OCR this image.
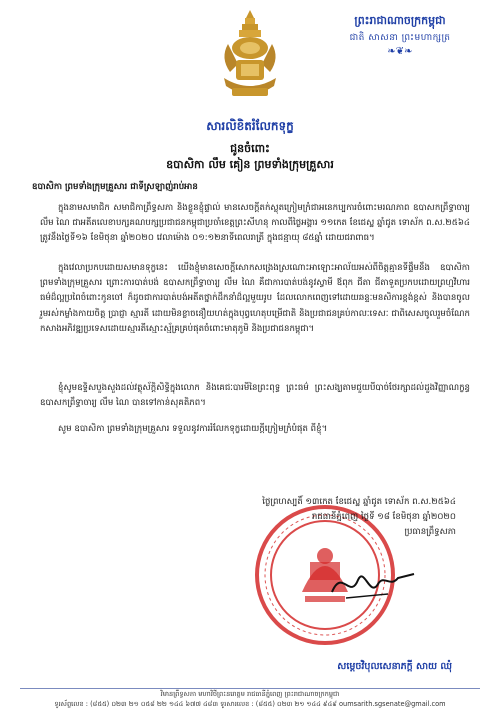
ព្រះរាជាណាចក្រកម្ពុជា
ជាតិ សាសនា ព្រះមហាក្សត្រ
❧❦❧
សារលិខិតរំលែកទុក្ខ
ជូនចំពោះ
ឧបាសិកា លឹម គៀន ព្រមទាំងក្រុមគ្រួសារ
ឧបាសិកា ព្រមទាំងក្រុមគ្រួសារ ជាទីស្រឡាញ់រាប់អាន
ក្នុងនាមសមាជិក សមាជិកាព្រឹទ្ធសភា និងខ្លួនខ្ញុំផ្ទាល់ មានសេចក្តីតក់ស្លុតក្រៀមក្រំជាអនេកប្បការចំពោះមរណភាព ឧបាសកព្រឹទ្ធាចារ្យ លឹម ណៃ ជាអតីតលេខាបក្សគណបក្សប្រជាជនកម្ពុជាប្រចាំខេត្តព្រះសីហនុ កាលពីថ្ងៃអង្គារ ១១កេត ខែជេស្ឋ ឆ្នាំជូត ទោស័ក ព.ស.២៥៦៤ ត្រូវនឹងថ្ងៃទី១៦ ខែមិថុនា ឆ្នាំ២០២០ វេលាម៉ោង ០១:១២នាទីពេលរាត្រី ក្នុងជន្មាយុ ៨៥ឆ្នាំ ដោយជរាពាធ។
ក្នុងវេលាប្រកបដោយសមានទុក្ខនេះ យើងខ្ញុំមានសេចក្តីសោកសង្រេងស្រណោះអាឡោះអាល័យអស់ពីចិត្តគ្មានទីផ្ទឹមនឹង ឧបាសិកា ព្រមទាំងក្រុមគ្រួសារ ព្រោះការបាត់បង់ ឧបាសកព្រឹទ្ធាចារ្យ លឹម ណៃ គឺជាការបាត់បង់នូវស្វាមី ឪពុក ជីតា ជីតាទួតប្រកបដោយព្រហ្មវិហារធម៌ដ៏ល្អប្រពៃចំពោះកូនចៅ ក៏ដូចជាការបាត់បង់អតីតថ្នាក់ដឹកនាំដ៏ល្អមួយរូប ដែលលោកពេញទៅដោយឆន្ទៈមនសិការខ្ពង់ខ្ពស់ និងបានចូលរួមរស់កម្លាំងកាយចិត្ត ប្រាជ្ញា ស្មារតី ដោយមិនខ្លាចនឿយហត់ក្នុងបុព្វហេតុបម្រើជាតិ និងប្រជាជនគ្រប់កាលៈទេសៈ ជាពិសេសចូលរួមចំណែកកសាងអភិវឌ្ឍប្រទេសដោយស្មារតីស្មោះស្ម័គ្រគ្រប់ផុតចំពោះមាតុភូមិ និងប្រជាជនកម្ពុជា។
ខ្ញុំសូមឧទ្ទិសបួងសួងដល់វត្ថុស័ក្តិសិទ្ធិក្នុងលោក និងគេជៈបារមីនៃព្រះពុទ្ធ ព្រះធម៌ ព្រះសង្ឃតាមជួយបីបាច់ថែរក្សាដល់ដួងវិញ្ញាណក្ខន្ធ ឧបាសកព្រឹទ្ធាចារ្យ លឹម ណៃ បានទៅកាន់សុគតិភព។
សូម ឧបាសិកា ព្រមទាំងក្រុមគ្រួសារ ទទួលនូវការរំលែកទុក្ខដោយក្តីក្រៀមក្រំបំផុត ពីខ្ញុំ។
ថ្ងៃព្រហស្បតិ៍ ១៣កេត ខែជេស្ឋ ឆ្នាំជូត ទោស័ក ព.ស.២៥៦៤
រាជធានីភ្នំពេញ ថ្ងៃទី ១៨ ខែមិថុនា ឆ្នាំ២០២០
ប្រធានព្រឹទ្ធសភា
សម្តេចវិបុលសេនាភក្តី សាយ ឈុំ
វិមានព្រឹទ្ធសភា មហាវិថីព្រះនរោត្តម រាជធានីភ្នំពេញ ព្រះរាជាណាចក្រកម្ពុជា
ទូរស័ព្ទលេខ : (៨៥៥) ០២៣ ២១ ០៥៨ ២២ ១៤៤ ៦៧៧ ៤៨៣ ទូរសារលេខ : (៨៥៥) ០២៣ ២១ ១៤៤ ៩៤៩ oumsarith.sgsenate@gmail.com
